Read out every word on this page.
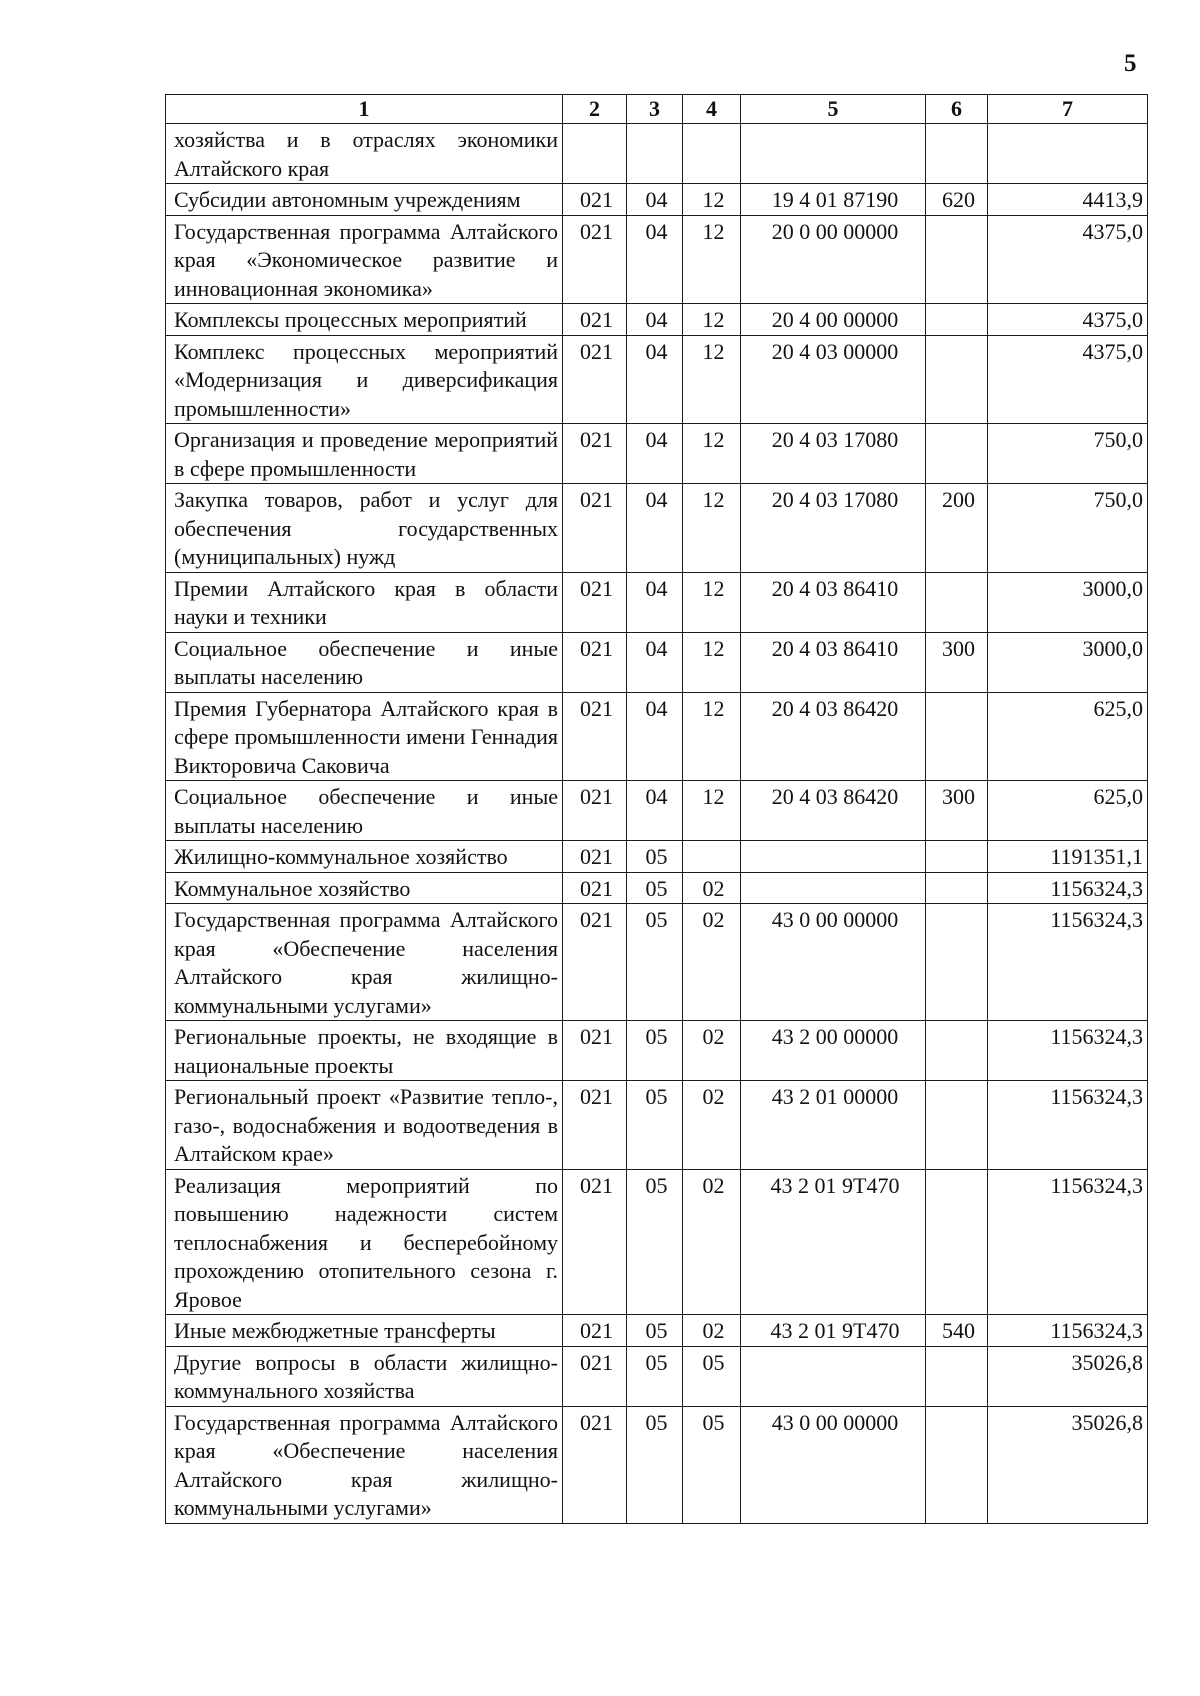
5
1	2	3	4	5	6	7
хозяйства и в отраслях экономики Алтайского края						
Субсидии автономным учреждениям	021	04	12	19 4 01 87190	620	4413,9
Государственная программа Алтайского края «Экономическое развитие и инновационная экономика»	021	04	12	20 0 00 00000		4375,0
Комплексы процессных мероприятий	021	04	12	20 4 00 00000		4375,0
Комплекс процессных мероприятий «Модернизация и диверсификация промышленности»	021	04	12	20 4 03 00000		4375,0
Организация и проведение мероприятий в сфере промышленности	021	04	12	20 4 03 17080		750,0
Закупка товаров, работ и услуг для обеспечения государственных (муниципальных) нужд	021	04	12	20 4 03 17080	200	750,0
Премии Алтайского края в области науки и техники	021	04	12	20 4 03 86410		3000,0
Социальное обеспечение и иные выплаты населению	021	04	12	20 4 03 86410	300	3000,0
Премия Губернатора Алтайского края в сфере промышленности имени Геннадия Викторовича Саковича	021	04	12	20 4 03 86420		625,0
Социальное обеспечение и иные выплаты населению	021	04	12	20 4 03 86420	300	625,0
Жилищно-коммунальное хозяйство	021	05				1191351,1
Коммунальное хозяйство	021	05	02			1156324,3
Государственная программа Алтайского края «Обеспечение населения Алтайского края жилищно-коммунальными услугами»	021	05	02	43 0 00 00000		1156324,3
Региональные проекты, не входящие в национальные проекты	021	05	02	43 2 00 00000		1156324,3
Региональный проект «Развитие тепло-, газо-, водоснабжения и водоотведения в Алтайском крае»	021	05	02	43 2 01 00000		1156324,3
Реализация мероприятий по повышению надежности систем теплоснабжения и бесперебойному прохождению отопительного сезона г. Яровое	021	05	02	43 2 01 9Т470		1156324,3
Иные межбюджетные трансферты	021	05	02	43 2 01 9Т470	540	1156324,3
Другие вопросы в области жилищно-коммунального хозяйства	021	05	05			35026,8
Государственная программа Алтайского края «Обеспечение населения Алтайского края жилищно-коммунальными услугами»	021	05	05	43 0 00 00000		35026,8
